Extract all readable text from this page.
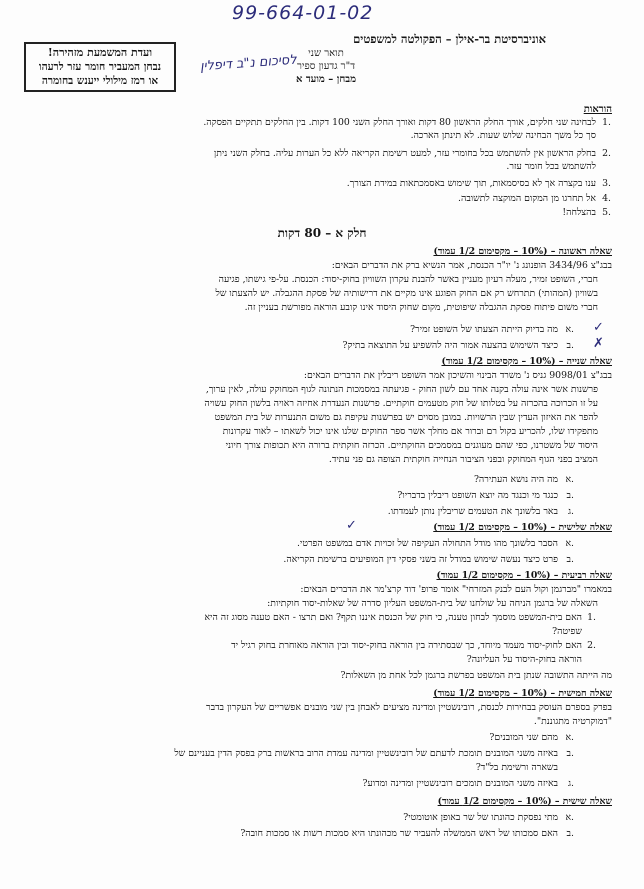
99-664-01-02
ועדת המשמעת מזהירה!
נבחן המעביר חומר עזר לרעהו
או רמז מילולי ייענש בחומרה
אוניברסיטת בר-אילן – הפקולטה למשפטים
תואר שני
ד"ר גדעון ספיר
מבחן – מועד א
לסיכום נ"ב דיפלין
הוראות
לבחינה שני חלקים, אורך החלק הראשון 80 דקות ואורך החלק השני 100 דקות. בין החלקים תתקיים הפסקה. 1.
סך כל משך הבחינה שלוש שעות. לא תינתן הארכה.
בחלק הראשון אין להשתמש בכל בחומרי עזר, למעט רשימת הקריאה ללא כל הערות עליה. בחלק השני ניתן 2.
להשתמש בכל חומר עזר.
ענו בקצרה אך לא בסיסמאות, תוך שימוש באסמכתאות במידת הצורך. 3.
אל תחרגו מן המקום המוקצה לתשובה. 4.
בהצלחה! 5.
חלק א – 80 דקות
שאלה ראשונה – (10% – מקסימום 1/2 עמוד)
בבג"צ 3434/96 הופנונג נ' יו"ר הכנסת, אמר הנשיא ברק את הדברים הבאים:
חברי, השופט זמיר, מעלה רעיון מעניין באשר להבנת עקרון השוויון בחוק-יסוד: הכנסת. על-פי גישתו, פגיעה
בשוויון (המהותי) תתרחש רק אם החוק הפוגע אינו מקיים את דרישותיה של פסקת ההגבלה. יש להצעתו של
חברי משום פיתוח פסקת ההגבלה שיפוטית, מקום שחוק היסוד אינו קובע הוראה מפורשת בעניין זה.
מה בדיוק הייתה הצעתו של השופט זמיר? א.
כיצד השימוש בהצעה אמור היה להשפיע על התוצאה בתיק? ב.
✓
✗
שאלה שנייה – (10% – מקסימום 1/2 עמוד)
בבג"צ 9098/01 גניס נ' משרד הבינוי והשיכון אמר השופט ריבלין את הדברים הבאים:
פרשנות אשר אינה עולה בקנה אחד עם לשון החוק - פגיעתה במסמכות הנתונה לגוף המחוקק עולה, לאין ערוך,
על זו הכרוכה בהכרזה על בטלותו של חוק מטעמים חוקתיים. פרשנות הנעדרת אחיזה ראויה בלשון החוק עשויה
להפר את האיזון העדין שבין הרשויות. במובן מסוים יש בפרשנות עקיפת גם משום התנערות של בית המשפט
מתפקידו שלו, להכריע בקול רם וברור אם מחלך אשר ספר החוקים שלנו אינו יכול לשאתו – לאור עקרונות
היסוד של משטרנו, כפי שהם מעוגנים במסמכים החוקתיים. הכרזה חוקתית ברורה היא תכופות צורך חיוני
המציב בפני הגוף המחוקק ובפני הציבור הנחייה חוקתית הצופה גם פני עתיד.
מה היה נושא העתירה? א.
כנגד מי וכנגד מה יוצא השופט ריבלין בדבריו? ב.
באר בלשונך את הטעמים שריבלין נותן לעמדתו. ג.
שאלה שלישית – (10% – מקסימום 1/2 עמוד)
✓
הסבר בלשונך מהו מודל התחולה העקיפה של זכויות אדם במשפט הפרטי. א.
פרט כיצד נעשה שימוש במודל זה בשני פסקי דין המופיעים ברשימת הקריאה. ב.
שאלה רביעית – (10% – מקסימום 1/2 עמוד)
במאמרו "מברגמן וקול העם לבנק המזרחי" אומר פרופ' דוד קרצ'מר את הדברים הבאים:
השאלה של ברגמן הניחה על שולחנו של בית-המשפט העליון סדרה של שאלות-יסוד חוקתיות:
האם בית-המשפט מוסמך לבחון טענה, כי חוק של הכנסת איננו תקף? ואם תרצו - האם טענה מסוג זה היא 1.
שפיטה?
האם לחוק-יסוד מעמד מיוחד, כך שבסתירה בין הוראה בחוק-יסוד ובין הוראה מאוחרת בחוק רגיל יד 2.
הוראה בחוק-היסוד על העליונה?
מה הייתה התשובה שנתן בית המשפט בפרשת ברגמן לכל אחת מן השאלות?
שאלה חמישית – (10% – מקסימום 1/2 עמוד)
בפרק בספרם העוסק בבחירות לכנסת, רובינשטיין ומדינה מציעים לאבחן בין שני מובנים אפשריים של העקרון בדבר
"דמוקרטיה מתגוננת".
מהם שני המובנים? א.
באיזה משני המובנים תומכת לדעתם של רובינשטיין ומדינה עמדת הרוב בראשות ברק בפסק הדין בעניינם של ב.
בשארה ורשימת בל"ד?
באיזה משני המובנים תומכים רובינשטיין ומדינה ומדוע? ג.
שאלה שישית – (10% – מקסימום 1/2 עמוד)
מתי נפסקת כהונתו של שר באופן אוטומטי? א.
האם סמכותו של ראש הממשלה להעביר שר מכהונתו היא סמכות רשות או סמכות חובה? ב.
